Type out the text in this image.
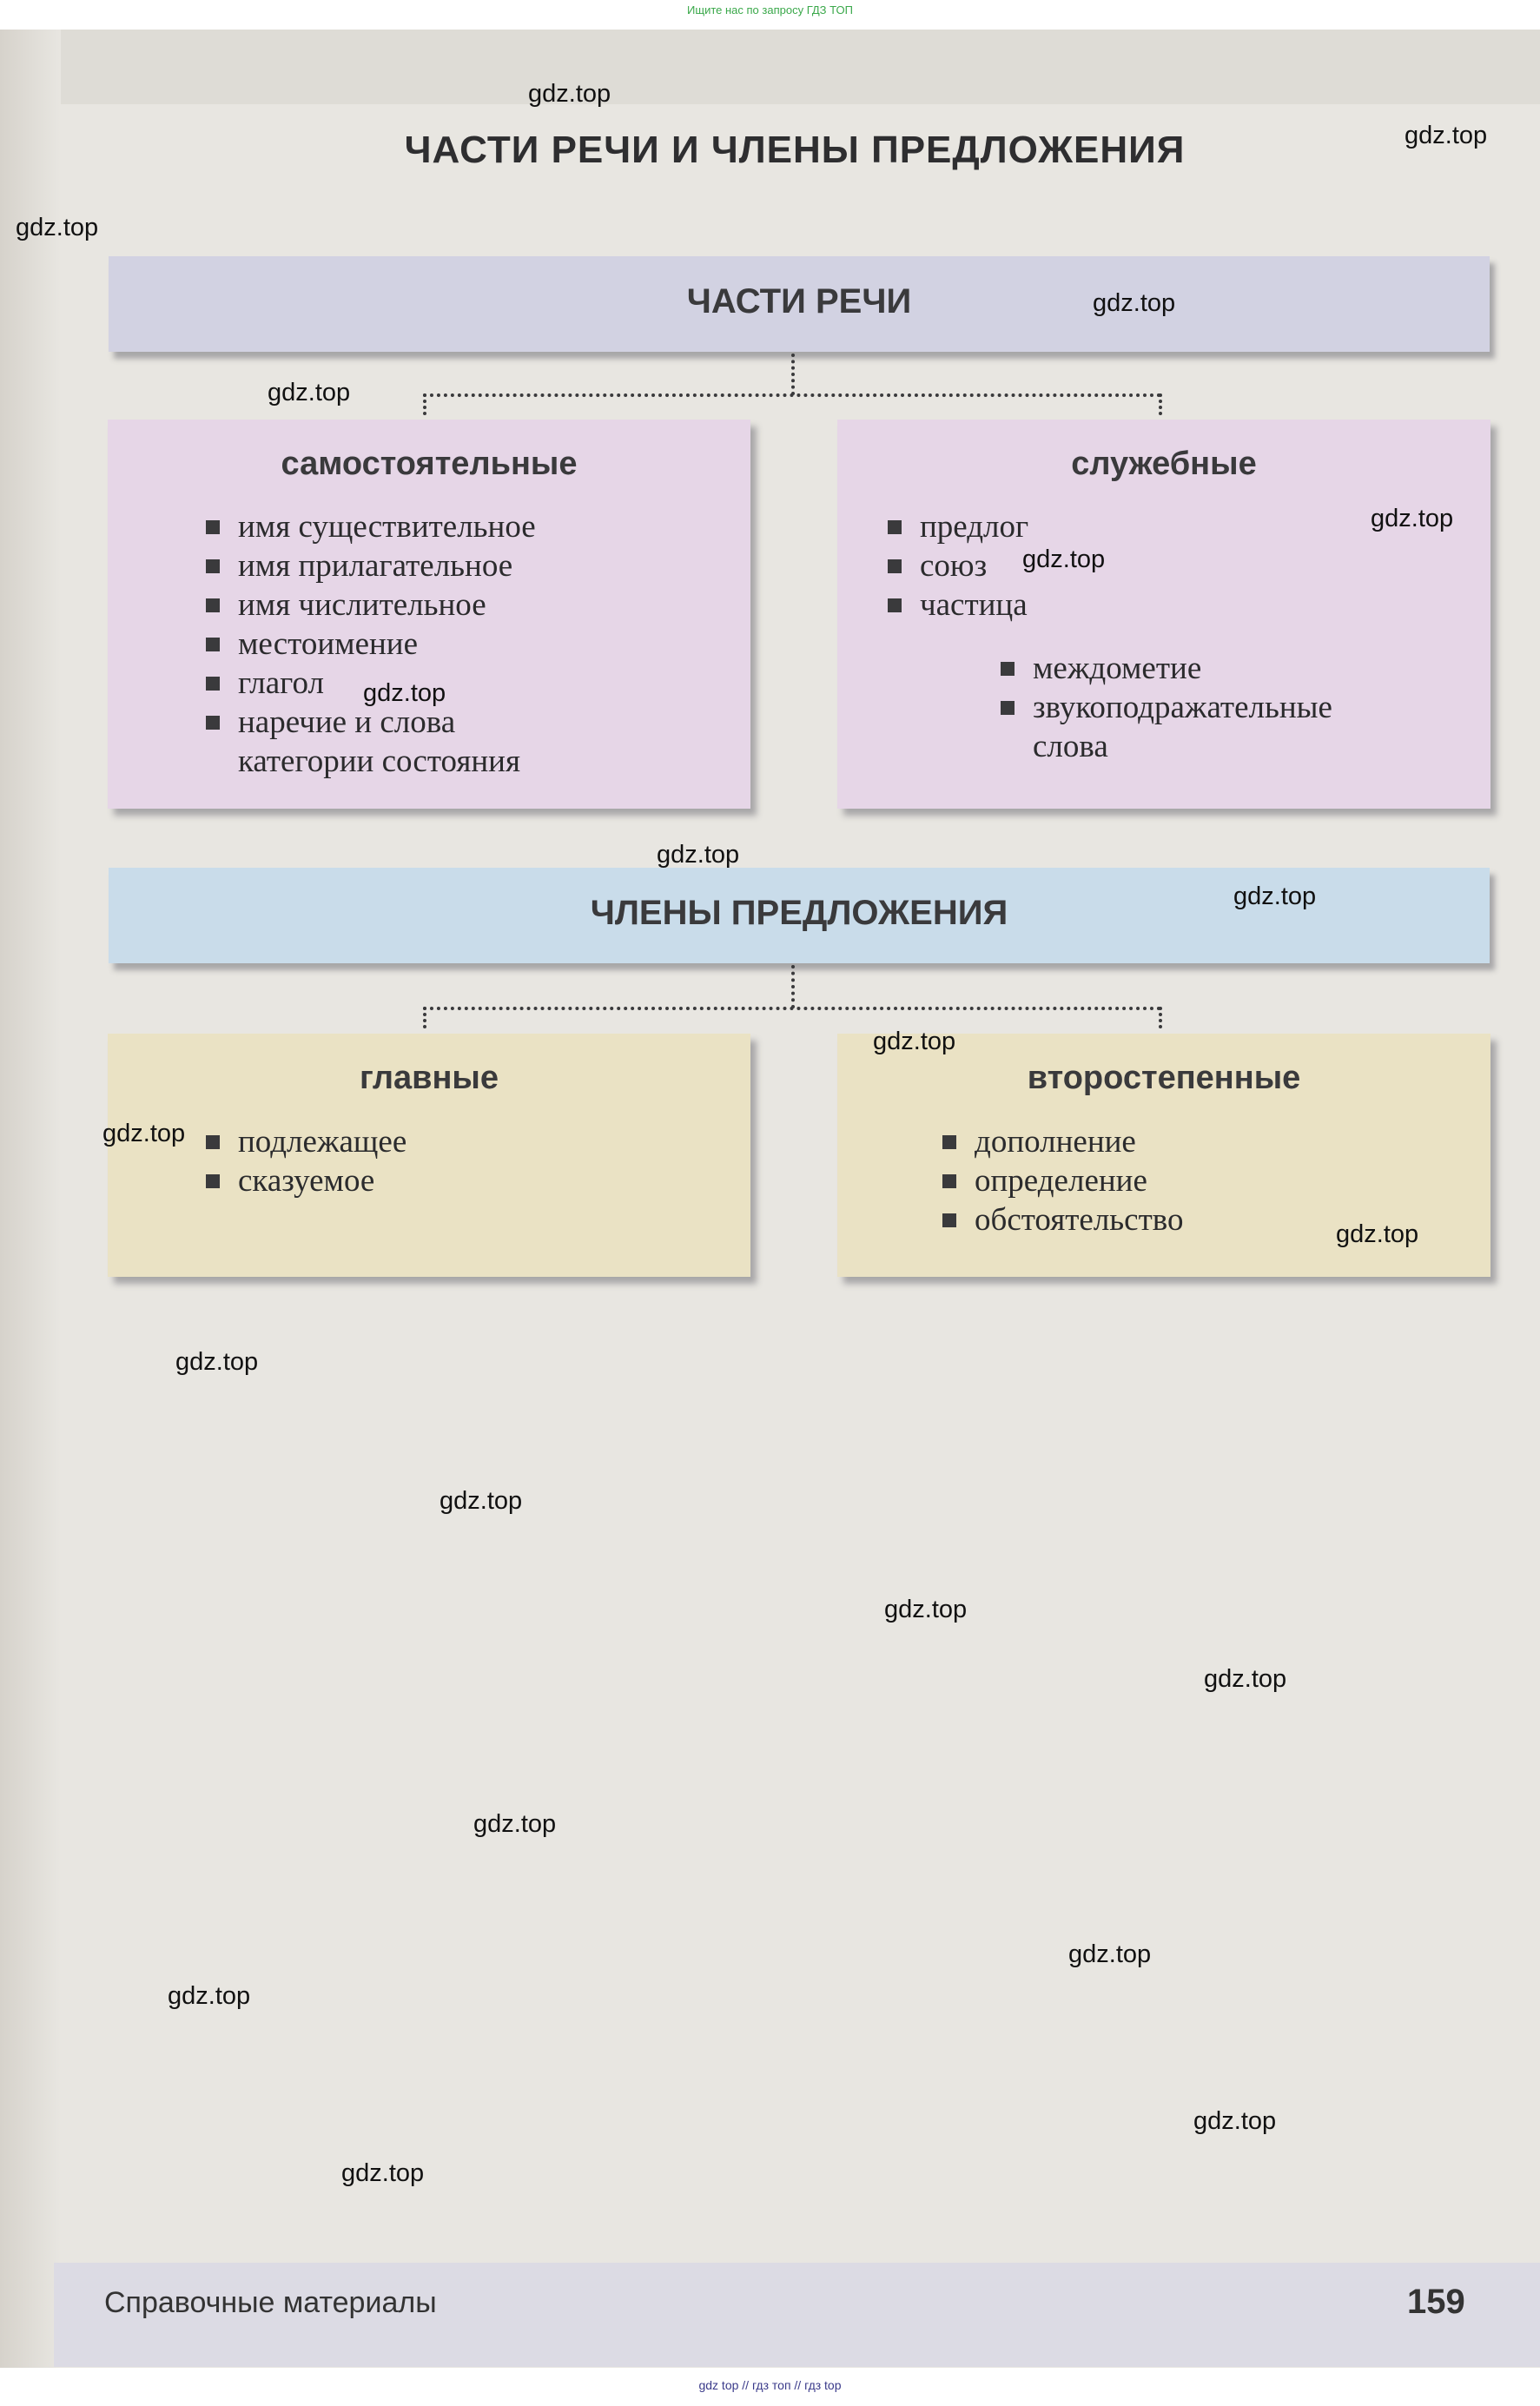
Ищите нас по запросу ГДЗ ТОП
ЧАСТИ РЕЧИ И ЧЛЕНЫ ПРЕДЛОЖЕНИЯ
ЧАСТИ РЕЧИ
самостоятельные
имя существительное
имя прилагательное
имя числительное
местоимение
глагол
наречие и слова
категории состояния
служебные
предлог
союз
частица
междометие
звукоподражательные
слова
ЧЛЕНЫ ПРЕДЛОЖЕНИЯ
главные
подлежащее
сказуемое
второстепенные
дополнение
определение
обстоятельство
gdz.top
gdz.top
gdz.top
gdz.top
gdz.top
gdz.top
gdz.top
gdz.top
gdz.top
gdz.top
gdz.top
gdz.top
gdz.top
gdz.top
gdz.top
gdz.top
gdz.top
gdz.top
gdz.top
gdz.top
gdz.top
gdz.top
Справочные материалы	159
gdz top // гдз топ // гдз top
